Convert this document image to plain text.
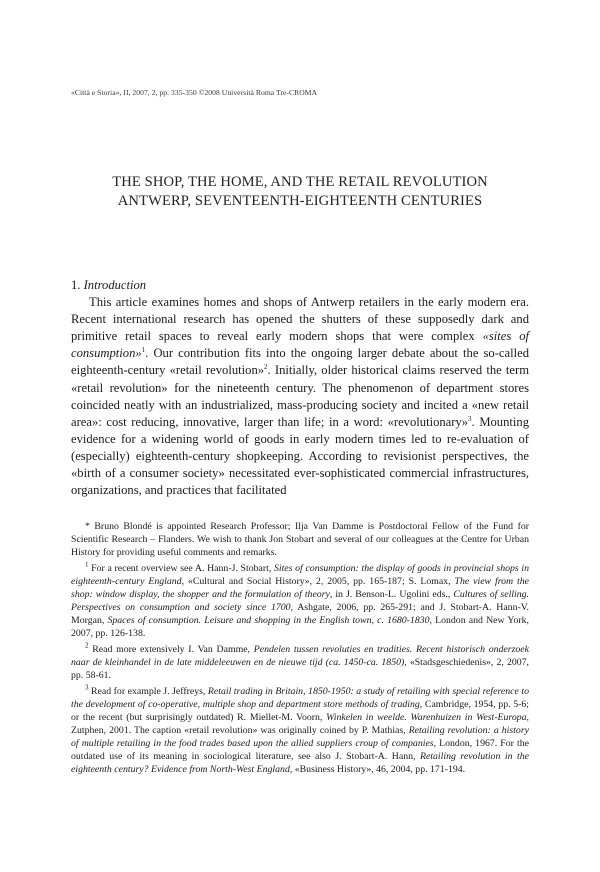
«Città e Storia», II, 2007, 2, pp. 335-350 ©2008 Università Roma Tre-CROMA
THE SHOP, THE HOME, AND THE RETAIL REVOLUTION
ANTWERP, SEVENTEENTH-EIGHTEENTH CENTURIES
1. Introduction

This article examines homes and shops of Antwerp retailers in the early modern era. Recent international research has opened the shutters of these supposedly dark and primitive retail spaces to reveal early modern shops that were complex «sites of consumption»$^1$. Our contribution fits into the ongoing larger debate about the so-called eighteenth-century «retail revolution»$^2$. Initially, older historical claims reserved the term «retail revolution» for the nineteenth century. The phenomenon of department stores coincided neatly with an industrialized, mass-producing society and incited a «new retail area»: cost reducing, innovative, larger than life; in a word: «revolutionary»$^3$. Mounting evidence for a widening world of goods in early modern times led to re-evaluation of (especially) eighteenth-century shopkeeping. According to revisionist perspectives, the «birth of a consumer society» necessitated ever-sophisticated commercial infrastructures, organizations, and practices that facilitated

* Bruno Blondé is appointed Research Professor; Ilja Van Damme is Postdoctoral Fellow of the Fund for Scientific Research – Flanders. We wish to thank Jon Stobart and several of our colleagues at the Centre for Urban History for providing useful comments and remarks.

$^1$ For a recent overview see A. Hann-J. Stobart, Sites of consumption: the display of goods in provincial shops in eighteenth-century England, «Cultural and Social History», 2, 2005, pp. 165-187; S. Lomax, The view from the shop: window display, the shopper and the formulation of theory, in J. Benson-L. Ugolini eds., Cultures of selling. Perspectives on consumption and society since 1700, Ashgate, 2006, pp. 265-291; and J. Stobart-A. Hann-V. Morgan, Spaces of consumption. Leisure and shopping in the English town, c. 1680-1830, London and New York, 2007, pp. 126-138.

$^2$ Read more extensively I. Van Damme, Pendelen tussen revoluties en tradities. Recent historisch onderzoek naar de kleinhandel in de late middeleeuwen en de nieuwe tijd (ca. 1450-ca. 1850), «Stadsgeschiedenis», 2, 2007, pp. 58-61.

$^3$ Read for example J. Jeffreys, Retail trading in Britain, 1850-1950: a study of retailing with special reference to the development of co-operative, multiple shop and department store methods of trading, Cambridge, 1954, pp. 5-6; or the recent (but surprisingly outdated) R. Miellet-M. Voorn, Winkelen in weelde. Warenhuizen in West-Europa, Zutphen, 2001. The caption «retail revolution» was originally coined by P. Mathias, Retailing revolution: a history of multiple retailing in the food trades based upon the allied suppliers croup of companies, London, 1967. For the outdated use of its meaning in sociological literature, see also J. Stobart-A. Hann, Retailing revolution in the eighteenth century? Evidence from North-West England, «Business History», 46, 2004, pp. 171-194.
